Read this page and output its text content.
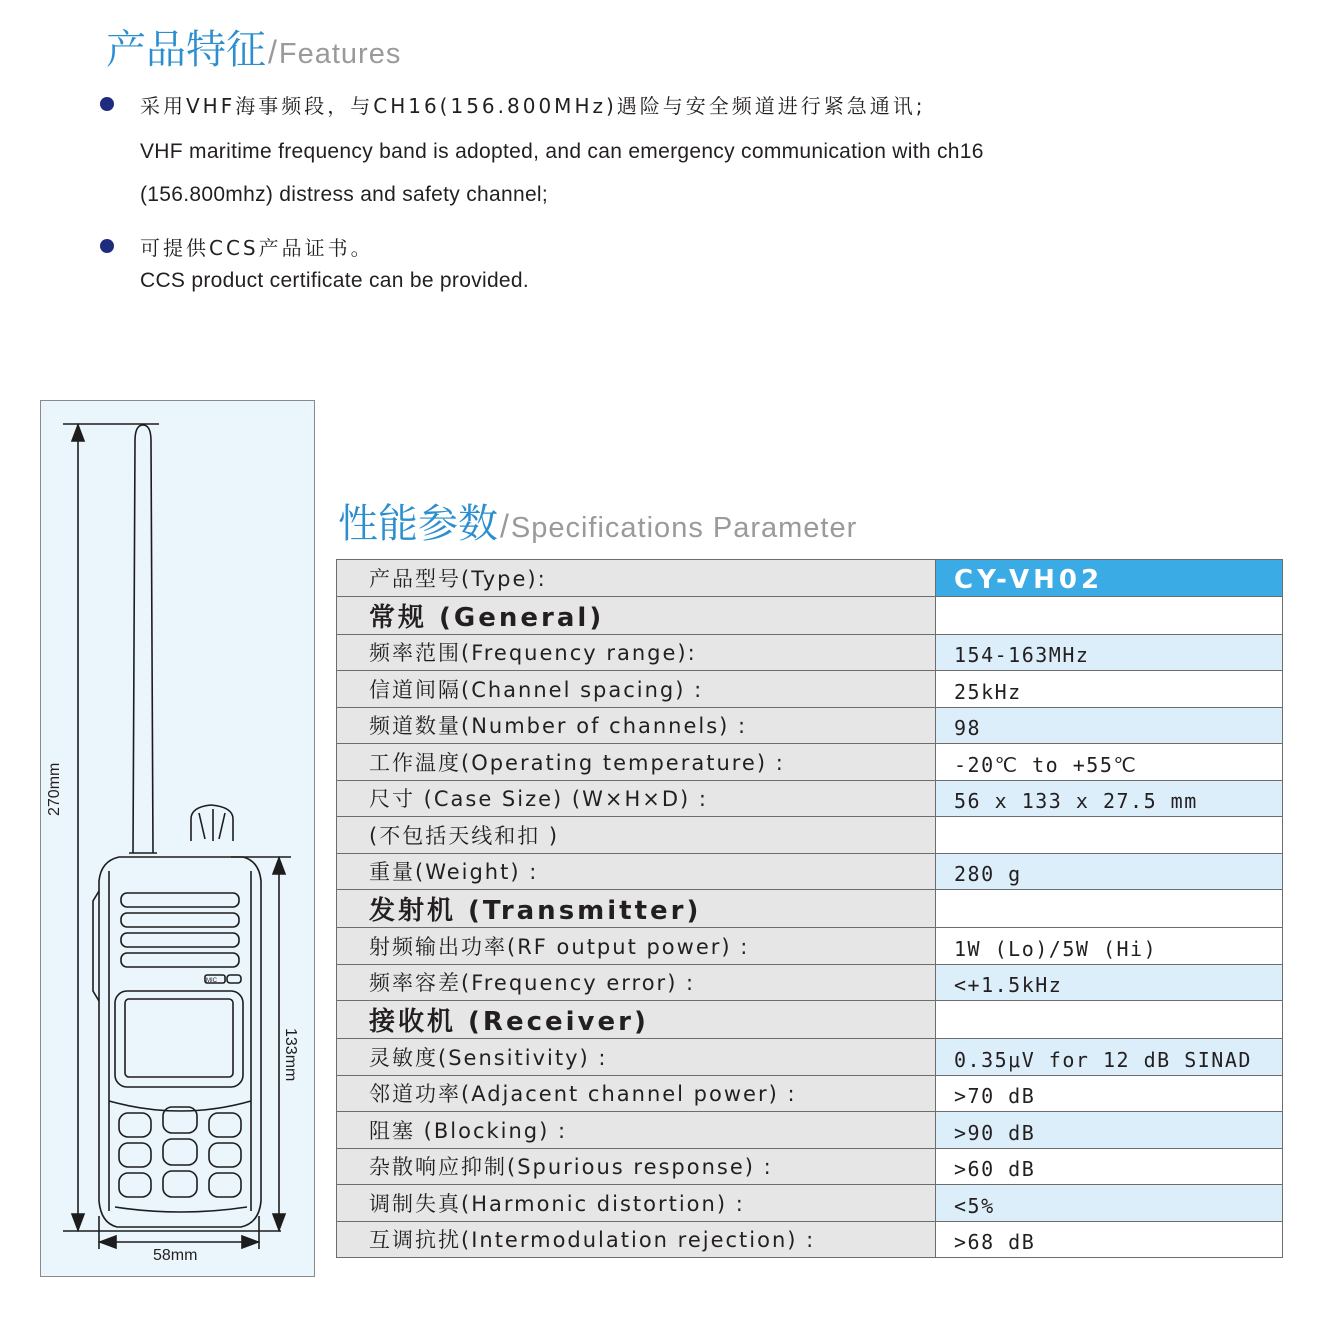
产品特征/Features
采用VHF海事频段，与CH16(156.800MHz)遇险与安全频道进行紧急通讯;
VHF maritime frequency band is adopted, and can emergency communication with ch16
(156.800mhz) distress and safety channel;
可提供CCS产品证书。
CCS product certificate can be provided.
MIC
270mm
133mm
58mm
性能参数/Specifications Parameter
产品型号(Type):	CY-VH02
常规 (General)	
频率范围(Frequency range):	154-163MHz
信道间隔(Channel spacing) :	25kHz
频道数量(Number of channels) :	98
工作温度(Operating temperature) :	-20℃ to +55℃
尺寸 (Case Size) (W×H×D) :	56 x 133 x 27.5 mm
(不包括天线和扣 )	
重量(Weight) :	280 g
发射机 (Transmitter)	
射频输出功率(RF output power) :	1W (Lo)/5W (Hi)
频率容差(Frequency error) :	<+1.5kHz
接收机 (Receiver)	
灵敏度(Sensitivity) :	0.35μV for 12 dB SINAD
邻道功率(Adjacent channel power) :	>70 dB
阻塞 (Blocking) :	>90 dB
杂散响应抑制(Spurious response) :	>60 dB
调制失真(Harmonic distortion) :	<5%
互调抗扰(Intermodulation rejection) :	>68 dB
